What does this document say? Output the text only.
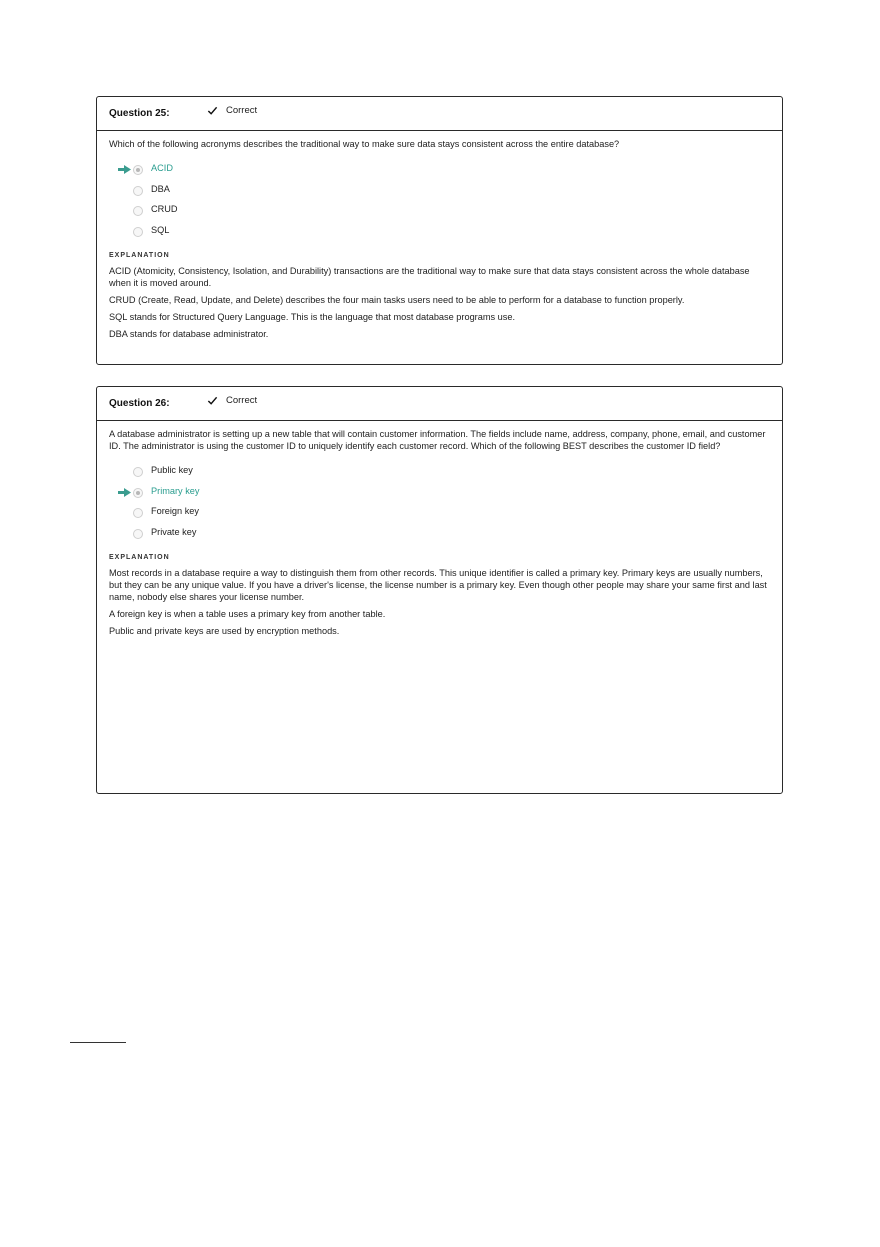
Question 25:	Correct

Which of the following acronyms describes the traditional way to make sure data stays consistent across the entire database?

ACID
DBA
CRUD
SQL
EXPLANATION

ACID (Atomicity, Consistency, Isolation, and Durability) transactions are the traditional way to make sure that data stays consistent across the whole database when it is moved around.

CRUD (Create, Read, Update, and Delete) describes the four main tasks users need to be able to perform for a database to function properly.

SQL stands for Structured Query Language. This is the language that most database programs use.

DBA stands for database administrator.

Question 26:	Correct

A database administrator is setting up a new table that will contain customer information. The fields include name, address, company, phone, email, and customer ID. The administrator is using the customer ID to uniquely identify each customer record. Which of the following BEST describes the customer ID field?

Public key
Primary key
Foreign key
Private key
EXPLANATION

Most records in a database require a way to distinguish them from other records. This unique identifier is called a primary key. Primary keys are usually numbers, but they can be any unique value. If you have a driver's license, the license number is a primary key. Even though other people may share your same first and last name, nobody else shares your license number.

A foreign key is when a table uses a primary key from another table.

Public and private keys are used by encryption methods.
